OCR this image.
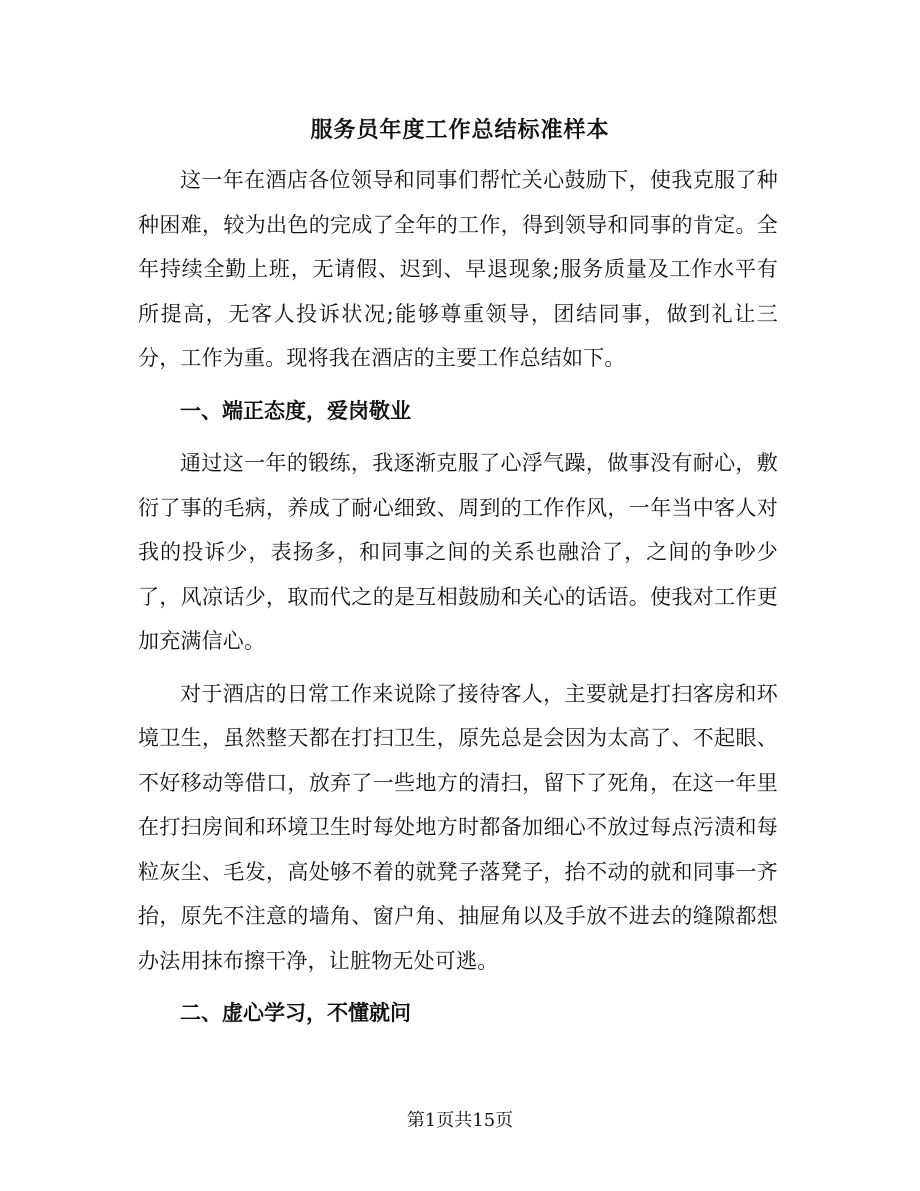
服务员年度工作总结标准样本

这一年在酒店各位领导和同事们帮忙关心鼓励下，使我克服了种种困难，较为出色的完成了全年的工作，得到领导和同事的肯定。全年持续全勤上班，无请假、迟到、早退现象;服务质量及工作水平有所提高，无客人投诉状况;能够尊重领导，团结同事，做到礼让三分，工作为重。现将我在酒店的主要工作总结如下。

一、端正态度，爱岗敬业

通过这一年的锻练，我逐渐克服了心浮气躁，做事没有耐心，敷衍了事的毛病，养成了耐心细致、周到的工作作风，一年当中客人对我的投诉少，表扬多，和同事之间的关系也融洽了，之间的争吵少了，风凉话少，取而代之的是互相鼓励和关心的话语。使我对工作更加充满信心。

对于酒店的日常工作来说除了接待客人，主要就是打扫客房和环境卫生，虽然整天都在打扫卫生，原先总是会因为太高了、不起眼、不好移动等借口，放弃了一些地方的清扫，留下了死角，在这一年里在打扫房间和环境卫生时每处地方时都备加细心不放过每点污渍和每粒灰尘、毛发，高处够不着的就凳子落凳子，抬不动的就和同事一齐抬，原先不注意的墙角、窗户角、抽屉角以及手放不进去的缝隙都想办法用抹布擦干净，让脏物无处可逃。

二、虚心学习，不懂就问

第1页共15页
